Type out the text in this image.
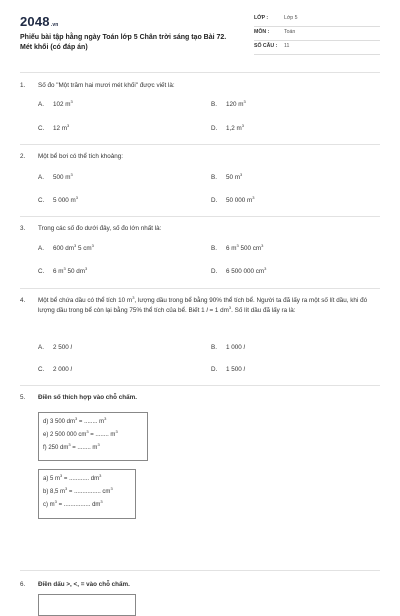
2048.vn
Phiếu bài tập hằng ngày Toán lớp 5 Chân trời sáng tạo Bài 72. Mét khối (có đáp án)
LỚP :	Lớp 5
MÔN :	Toán
SỐ CÂU : 11
1. Số đo "Một trăm hai mươi mét khối" được viết là:
A. 102 $m^3$	B. 120 $m^3$
C. 12 $m^3$	D. 1,2 $m^3$
2. Một bể bơi có thể tích khoảng:
A. 500 $m^3$	B. 50 $m^3$
C. 5 000 $m^3$	D. 50 000 $m^3$
3. Trong các số đo dưới đây, số đo lớn nhất là:
A. 600 $dm^3$ 5 $cm^3$	B. 6 $m^3$ 500 $cm^3$
C. 6 $m^3$ 50 $dm^3$	D. 6 500 000 $cm^3$
4. Một bể chứa dầu có thể tích 10 $m^3$, lượng dầu trong bể bằng 90% thể tích bể. Người ta đã lấy ra một số lít dầu, khi đó lượng dầu trong bể còn lại bằng 75% thể tích của bể. Biết 1 l = 1 $dm^3$. Số lít dầu đã lấy ra là:
A. 2 500 l	B. 1 000 l
C. 2 000 l	D. 1 500 l
5. Điền số thích hợp vào chỗ chấm.
d) 3 500 $dm^3$ = ........ $m^3$
e) 2 500 000 $cm^3$ = ........ $m^3$
f) 250 $dm^3$ = ........ $m^3$
a) 5 $m^3$ = ............ $dm^3$
b) 8,5 $m^3$ = ................ $cm^3$
c) $m^3$ = ................ $dm^3$
6. Điền dấu >, <, = vào chỗ chấm.
